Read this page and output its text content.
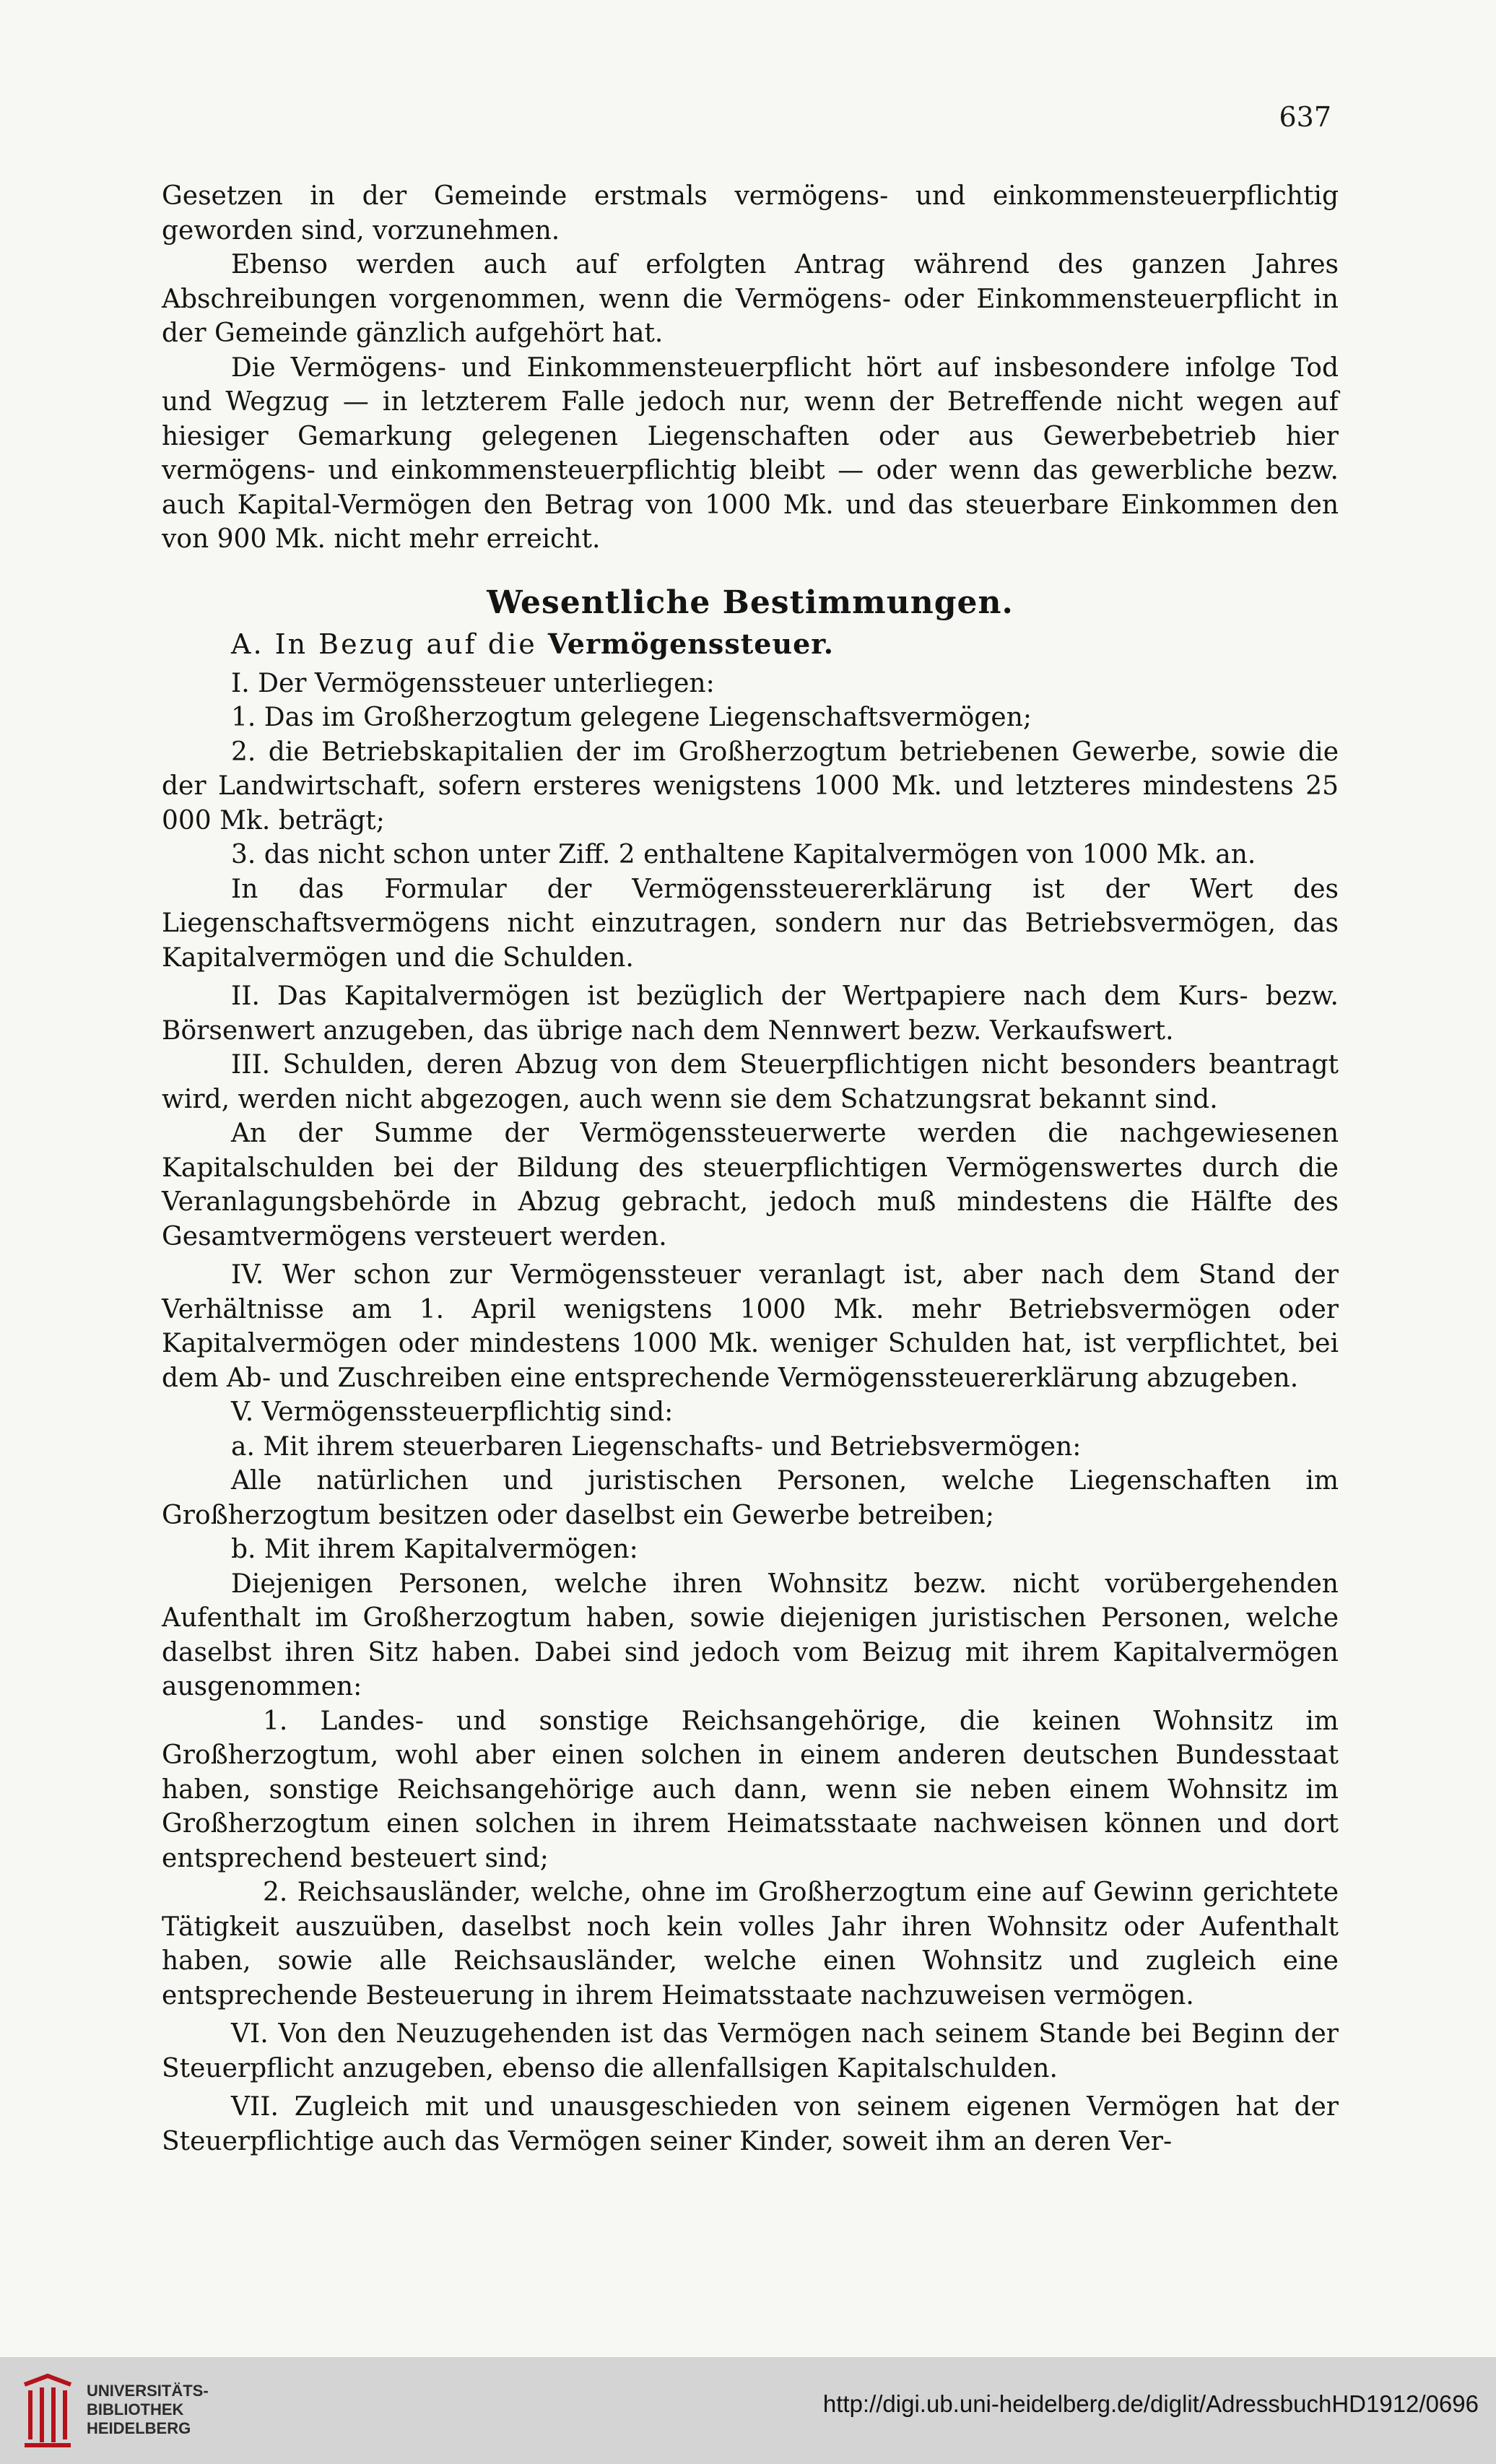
637

Gesetzen in der Gemeinde erstmals vermögens- und einkommensteuerpflichtig geworden sind, vorzunehmen.

Ebenso werden auch auf erfolgten Antrag während des ganzen Jahres Abschreibungen vorgenommen, wenn die Vermögens- oder Einkommensteuerpflicht in der Gemeinde gänzlich aufgehört hat.

Die Vermögens- und Einkommensteuerpflicht hört auf insbesondere infolge Tod und Wegzug — in letzterem Falle jedoch nur, wenn der Betreffende nicht wegen auf hiesiger Gemarkung gelegenen Liegenschaften oder aus Gewerbebetrieb hier vermögens- und einkommensteuerpflichtig bleibt — oder wenn das gewerbliche bezw. auch Kapital-Vermögen den Betrag von 1000 Mk. und das steuerbare Einkommen den von 900 Mk. nicht mehr erreicht.

Wesentliche Bestimmungen.

A. In Bezug auf die Vermögenssteuer.

I. Der Vermögenssteuer unterliegen:

1. Das im Großherzogtum gelegene Liegenschaftsvermögen;

2. die Betriebskapitalien der im Großherzogtum betriebenen Gewerbe, sowie die der Landwirtschaft, sofern ersteres wenigstens 1000 Mk. und letzteres mindestens 25 000 Mk. beträgt;

3. das nicht schon unter Ziff. 2 enthaltene Kapitalvermögen von 1000 Mk. an.

In das Formular der Vermögenssteuererklärung ist der Wert des Liegenschaftsvermögens nicht einzutragen, sondern nur das Betriebsvermögen, das Kapitalvermögen und die Schulden.

II. Das Kapitalvermögen ist bezüglich der Wertpapiere nach dem Kurs- bezw. Börsenwert anzugeben, das übrige nach dem Nennwert bezw. Verkaufswert.

III. Schulden, deren Abzug von dem Steuerpflichtigen nicht besonders beantragt wird, werden nicht abgezogen, auch wenn sie dem Schatzungsrat bekannt sind.

An der Summe der Vermögenssteuerwerte werden die nachgewiesenen Kapitalschulden bei der Bildung des steuerpflichtigen Vermögenswertes durch die Veranlagungsbehörde in Abzug gebracht, jedoch muß mindestens die Hälfte des Gesamtvermögens versteuert werden.

IV. Wer schon zur Vermögenssteuer veranlagt ist, aber nach dem Stand der Verhältnisse am 1. April wenigstens 1000 Mk. mehr Betriebsvermögen oder Kapitalvermögen oder mindestens 1000 Mk. weniger Schulden hat, ist verpflichtet, bei dem Ab- und Zuschreiben eine entsprechende Vermögenssteuererklärung abzugeben.

V. Vermögenssteuerpflichtig sind:

a. Mit ihrem steuerbaren Liegenschafts- und Betriebsvermögen:

Alle natürlichen und juristischen Personen, welche Liegenschaften im Großherzogtum besitzen oder daselbst ein Gewerbe betreiben;

b. Mit ihrem Kapitalvermögen:

Diejenigen Personen, welche ihren Wohnsitz bezw. nicht vorübergehenden Aufenthalt im Großherzogtum haben, sowie diejenigen juristischen Personen, welche daselbst ihren Sitz haben. Dabei sind jedoch vom Beizug mit ihrem Kapitalvermögen ausgenommen:

1. Landes- und sonstige Reichsangehörige, die keinen Wohnsitz im Großherzogtum, wohl aber einen solchen in einem anderen deutschen Bundesstaat haben, sonstige Reichsangehörige auch dann, wenn sie neben einem Wohnsitz im Großherzogtum einen solchen in ihrem Heimatsstaate nachweisen können und dort entsprechend besteuert sind;

2. Reichsausländer, welche, ohne im Großherzogtum eine auf Gewinn gerichtete Tätigkeit auszuüben, daselbst noch kein volles Jahr ihren Wohnsitz oder Aufenthalt haben, sowie alle Reichsausländer, welche einen Wohnsitz und zugleich eine entsprechende Besteuerung in ihrem Heimatsstaate nachzuweisen vermögen.

VI. Von den Neuzugehenden ist das Vermögen nach seinem Stande bei Beginn der Steuerpflicht anzugeben, ebenso die allenfallsigen Kapitalschulden.

VII. Zugleich mit und unausgeschieden von seinem eigenen Vermögen hat der Steuerpflichtige auch das Vermögen seiner Kinder, soweit ihm an deren Ver-

UNIVERSITÄTS-
BIBLIOTHEK
HEIDELBERG
http://digi.ub.uni-heidelberg.de/diglit/AdressbuchHD1912/0696
